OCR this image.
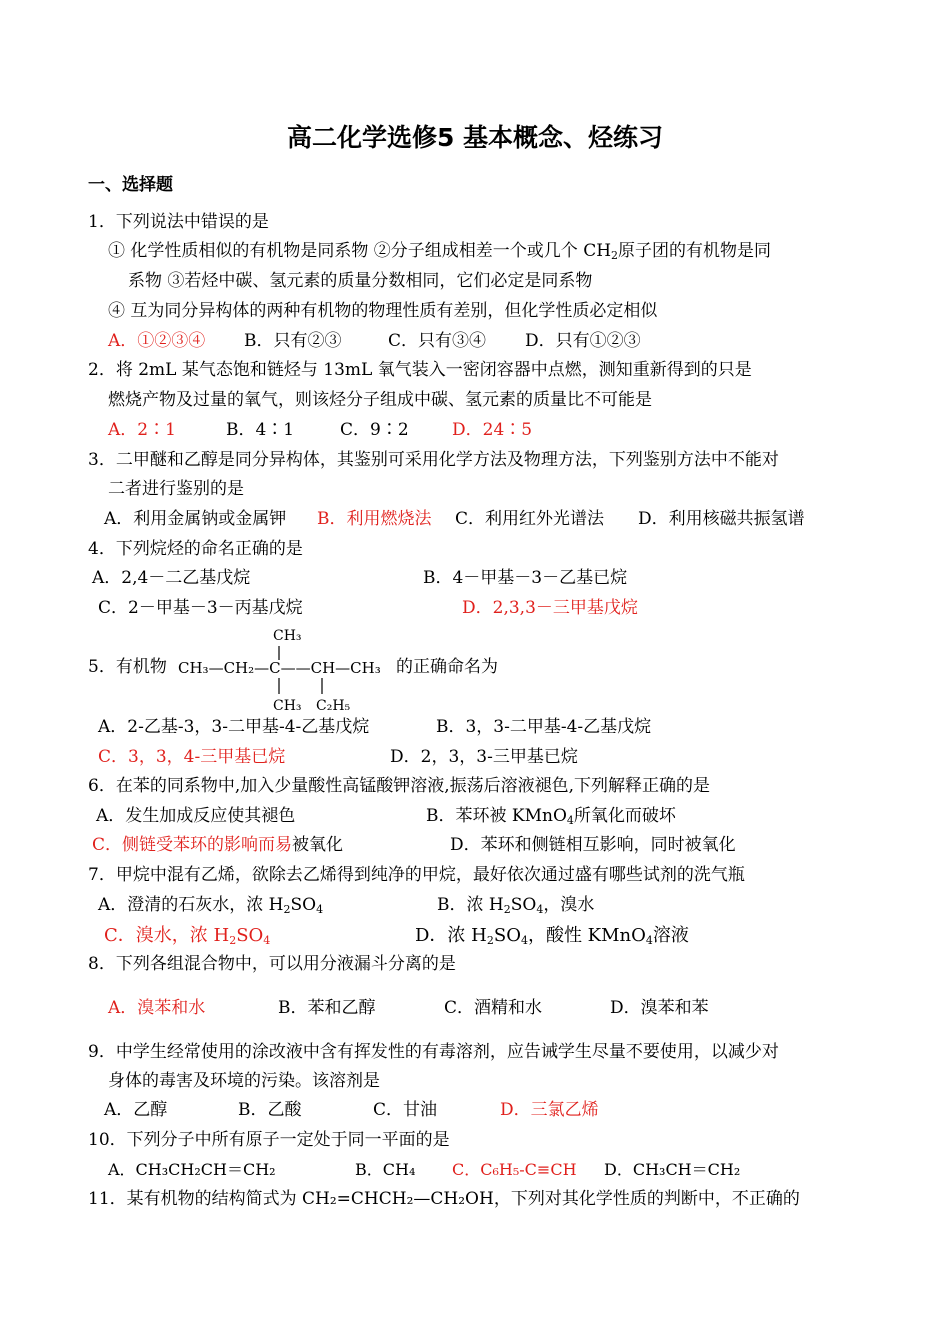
高二化学选修5 基本概念、烃练习
一、选择题
1．下列说法中错误的是
① 化学性质相似的有机物是同系物 ②分子组成相差一个或几个 $CH_2$原子团的有机物是同
系物 ③若烃中碳、氢元素的质量分数相同，它们必定是同系物
④ 互为同分异构体的两种有机物的物理性质有差别，但化学性质必定相似
A．①②③④ B．只有②③	C．只有③④ D．只有①②③
2．将 2mL 某气态饱和链烃与 13mL 氧气装入一密闭容器中点燃，测知重新得到的只是
燃烧产物及过量的氧气，则该烃分子组成中碳、氢元素的质量比不可能是
A．2∶1	B．4∶1	C．9∶2	D．24∶5
3．二甲醚和乙醇是同分异构体，其鉴别可采用化学方法及物理方法，下列鉴别方法中不能对
二者进行鉴别的是
A．利用金属钠或金属钾 B．利用燃烧法 C．利用红外光谱法 D．利用核磁共振氢谱
4．下列烷烃的命名正确的是
A．2,4－二乙基戊烷	B．4－甲基－3－乙基已烷
C．2－甲基－3－丙基戊烷	D．2,3,3－三甲基戊烷
5．有机物
CH₃
CH₃—CH₂—C——CH—CH₃
CH₃ C₂H₅
的正确命名为
A．2-乙基-3，3-二甲基-4-乙基戊烷	B．3，3-二甲基-4-乙基戊烷
C．3，3，4-三甲基已烷	D．2，3，3-三甲基已烷
6．在苯的同系物中,加入少量酸性高锰酸钾溶液,振荡后溶液褪色,下列解释正确的是
A．发生加成反应使其褪色	B．苯环被 KMnO$_4$所氧化而破坏
C．侧链受苯环的影响而易被氧化	D．苯环和侧链相互影响，同时被氧化
7．甲烷中混有乙烯，欲除去乙烯得到纯净的甲烷，最好依次通过盛有哪些试剂的洗气瓶
A．澄清的石灰水，浓 $H_2SO_4$	B．浓 $H_2SO_4$，溴水
C．溴水，浓 $H_2SO_4$	D．浓 $H_2SO_4$，酸性 KMnO$_4$溶液
8．下列各组混合物中，可以用分液漏斗分离的是
A．溴苯和水	B．苯和乙醇	C．酒精和水	D．溴苯和苯
9．中学生经常使用的涂改液中含有挥发性的有毒溶剂，应告诫学生尽量不要使用，以减少对
身体的毒害及环境的污染。该溶剂是
A．乙醇	B．乙酸	C．甘油	D．三氯乙烯
10．下列分子中所有原子一定处于同一平面的是
A．CH₃CH₂CH＝CH₂	B．CH₄ C．C₆H₅-C≡CH D．CH₃CH＝CH₂
11．某有机物的结构简式为 CH₂=CHCH₂—CH₂OH，下列对其化学性质的判断中，不正确的
